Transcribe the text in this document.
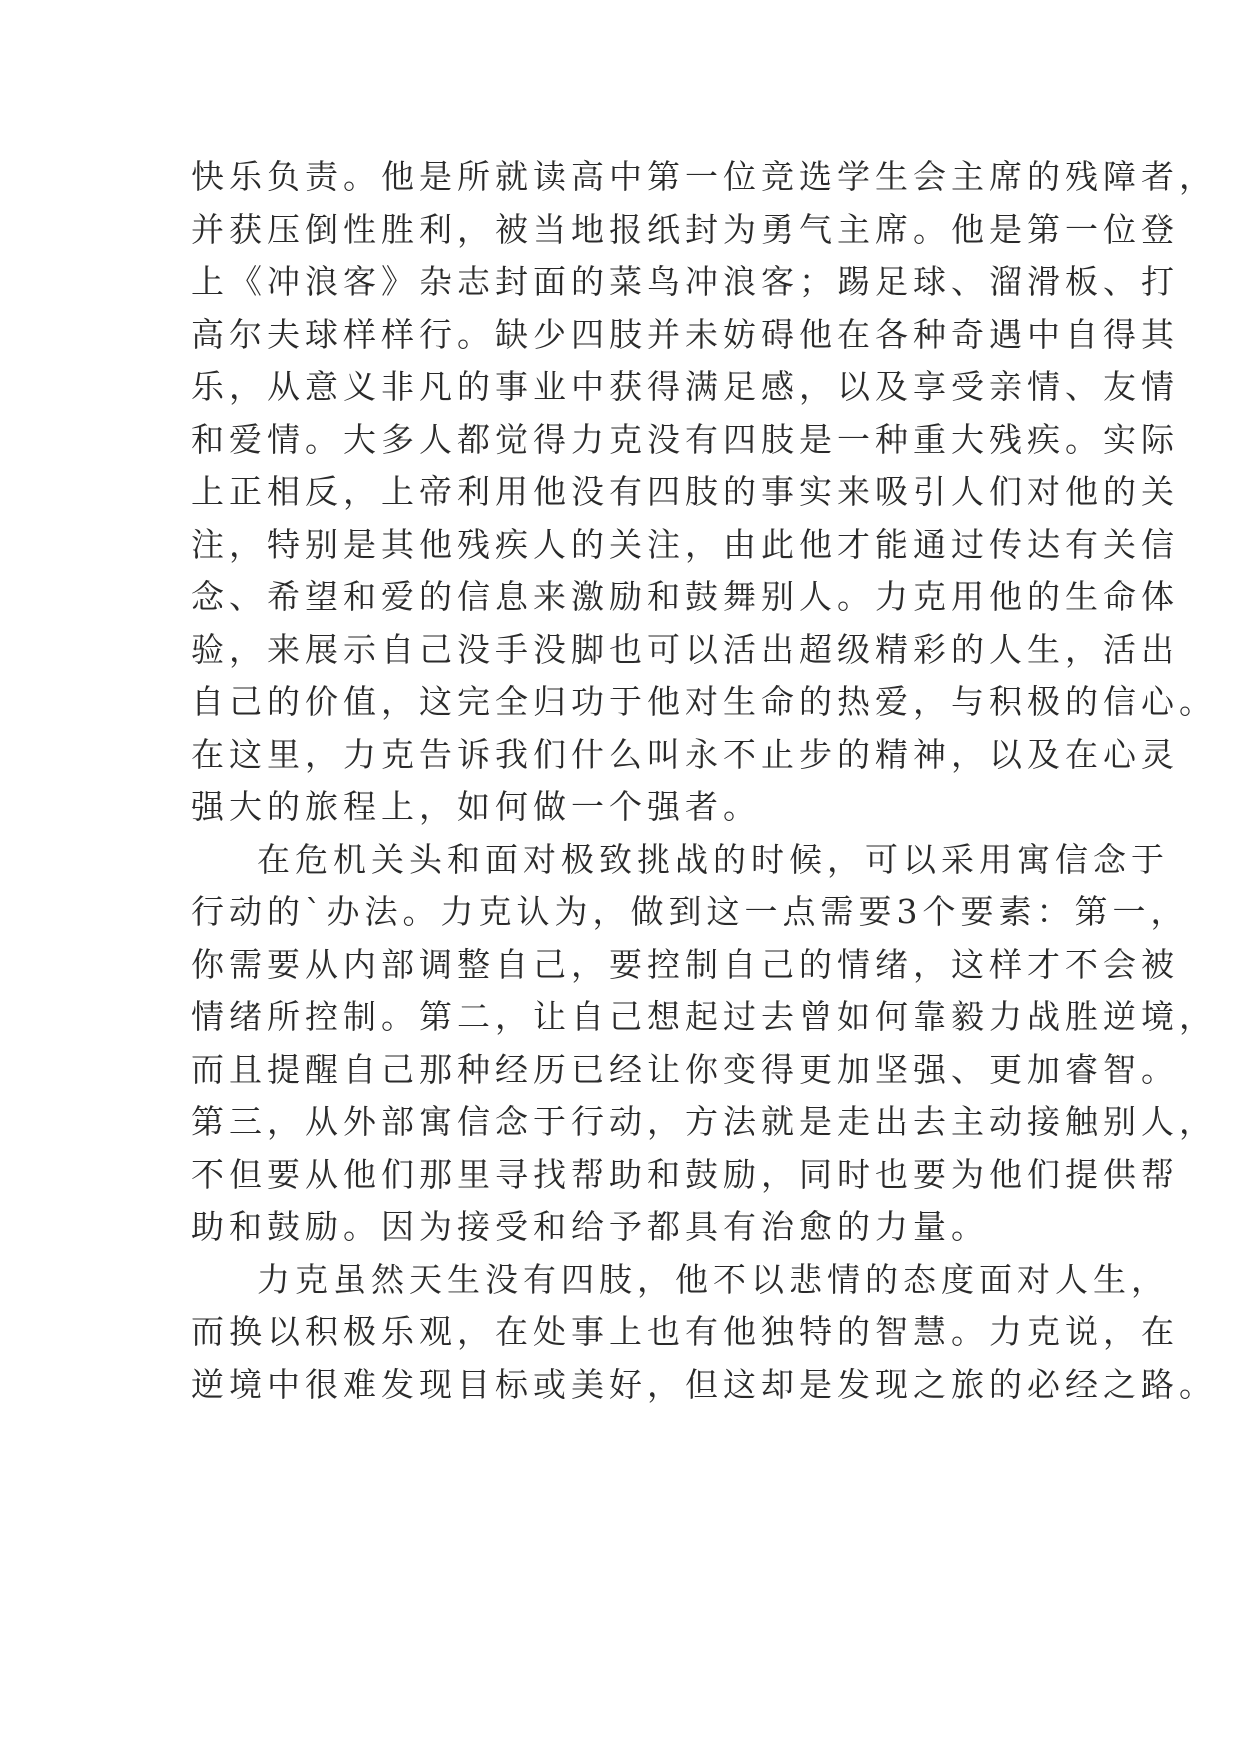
快乐负责。他是所就读高中第一位竞选学生会主席的残障者，
并获压倒性胜利，被当地报纸封为勇气主席。他是第一位登
上《冲浪客》杂志封面的菜鸟冲浪客；踢足球、溜滑板、打
高尔夫球样样行。缺少四肢并未妨碍他在各种奇遇中自得其
乐，从意义非凡的事业中获得满足感，以及享受亲情、友情
和爱情。大多人都觉得力克没有四肢是一种重大残疾。实际
上正相反，上帝利用他没有四肢的事实来吸引人们对他的关
注，特别是其他残疾人的关注，由此他才能通过传达有关信
念、希望和爱的信息来激励和鼓舞别人。力克用他的生命体
验，来展示自己没手没脚也可以活出超级精彩的人生，活出
自己的价值，这完全归功于他对生命的热爱，与积极的信心。
在这里，力克告诉我们什么叫永不止步的精神，以及在心灵
强大的旅程上，如何做一个强者。
在危机关头和面对极致挑战的时候，可以采用寓信念于
行动的`办法。力克认为，做到这一点需要3个要素：第一，
你需要从内部调整自己，要控制自己的情绪，这样才不会被
情绪所控制。第二，让自己想起过去曾如何靠毅力战胜逆境，
而且提醒自己那种经历已经让你变得更加坚强、更加睿智。
第三，从外部寓信念于行动，方法就是走出去主动接触别人，
不但要从他们那里寻找帮助和鼓励，同时也要为他们提供帮
助和鼓励。因为接受和给予都具有治愈的力量。
力克虽然天生没有四肢，他不以悲情的态度面对人生，
而换以积极乐观，在处事上也有他独特的智慧。力克说，在
逆境中很难发现目标或美好，但这却是发现之旅的必经之路。
